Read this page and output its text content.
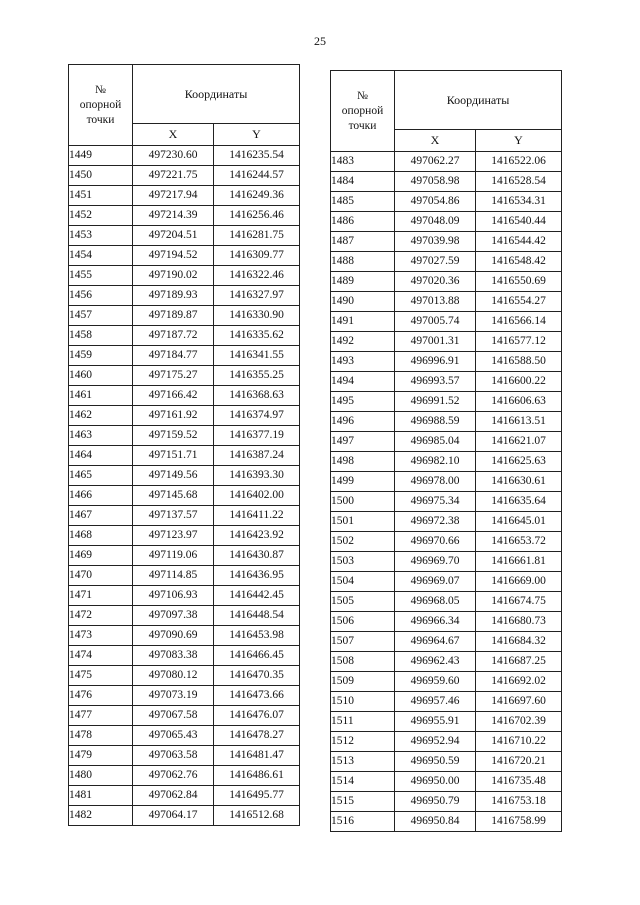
25
№
опорной
точки	Координаты	
	X	Y
1449	497230.60	1416235.54
1450	497221.75	1416244.57
1451	497217.94	1416249.36
1452	497214.39	1416256.46
1453	497204.51	1416281.75
1454	497194.52	1416309.77
1455	497190.02	1416322.46
1456	497189.93	1416327.97
1457	497189.87	1416330.90
1458	497187.72	1416335.62
1459	497184.77	1416341.55
1460	497175.27	1416355.25
1461	497166.42	1416368.63
1462	497161.92	1416374.97
1463	497159.52	1416377.19
1464	497151.71	1416387.24
1465	497149.56	1416393.30
1466	497145.68	1416402.00
1467	497137.57	1416411.22
1468	497123.97	1416423.92
1469	497119.06	1416430.87
1470	497114.85	1416436.95
1471	497106.93	1416442.45
1472	497097.38	1416448.54
1473	497090.69	1416453.98
1474	497083.38	1416466.45
1475	497080.12	1416470.35
1476	497073.19	1416473.66
1477	497067.58	1416476.07
1478	497065.43	1416478.27
1479	497063.58	1416481.47
1480	497062.76	1416486.61
1481	497062.84	1416495.77
1482	497064.17	1416512.68
№
опорной
точки	Координаты	
	X	Y
1483	497062.27	1416522.06
1484	497058.98	1416528.54
1485	497054.86	1416534.31
1486	497048.09	1416540.44
1487	497039.98	1416544.42
1488	497027.59	1416548.42
1489	497020.36	1416550.69
1490	497013.88	1416554.27
1491	497005.74	1416566.14
1492	497001.31	1416577.12
1493	496996.91	1416588.50
1494	496993.57	1416600.22
1495	496991.52	1416606.63
1496	496988.59	1416613.51
1497	496985.04	1416621.07
1498	496982.10	1416625.63
1499	496978.00	1416630.61
1500	496975.34	1416635.64
1501	496972.38	1416645.01
1502	496970.66	1416653.72
1503	496969.70	1416661.81
1504	496969.07	1416669.00
1505	496968.05	1416674.75
1506	496966.34	1416680.73
1507	496964.67	1416684.32
1508	496962.43	1416687.25
1509	496959.60	1416692.02
1510	496957.46	1416697.60
1511	496955.91	1416702.39
1512	496952.94	1416710.22
1513	496950.59	1416720.21
1514	496950.00	1416735.48
1515	496950.79	1416753.18
1516	496950.84	1416758.99
